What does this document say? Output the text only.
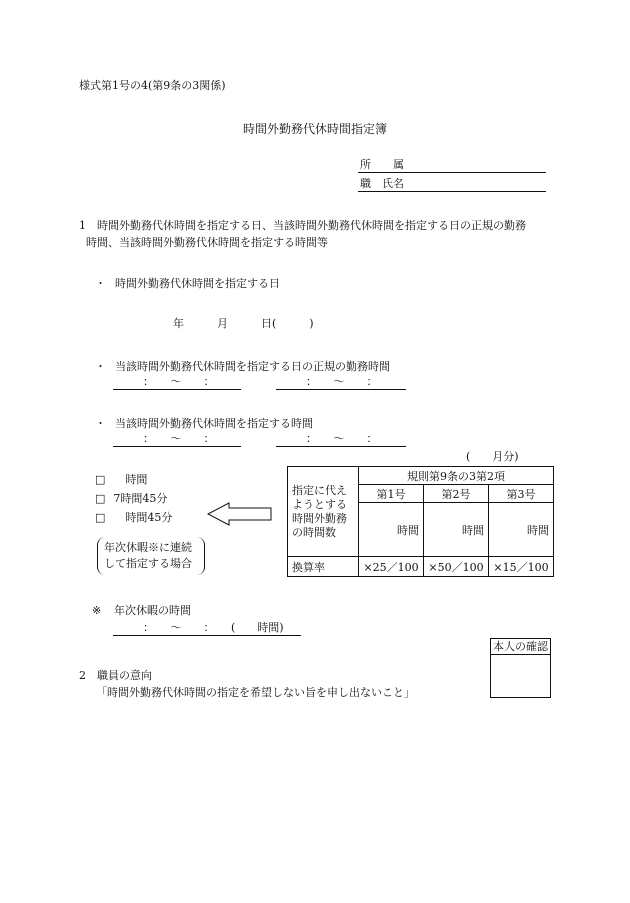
様式第1号の4(第9条の3関係)
時間外勤務代休時間指定簿
所　　属
職　氏名
1　時間外勤務代休時間を指定する日、当該時間外勤務代休時間を指定する日の正規の勤務
時間、当該時間外勤務代休時間を指定する時間等
・ 時間外勤務代休時間を指定する日
年　　　月　　　日(　　　)
・ 当該時間外勤務代休時間を指定する日の正規の勤務時間
：　　〜　　：	：　　〜　　：
・ 当該時間外勤務代休時間を指定する時間
：　　〜　　：	：　　〜　　：
(　　月分)
□ 時間
□ 7時間45分
□ 時間45分
年次休暇※に連続
して指定する場合
指定に代え
ようとする
時間外勤務
の時間数	規則第9条の3第2項		
	第1号	第2号	第3号
	時間	時間	時間
換算率	×25／100	×50／100	×15／100
※ 年次休暇の時間
：　　〜　　：　　(　　時間)
本人の確認
2　職員の意向
「時間外勤務代休時間の指定を希望しない旨を申し出ないこと」
